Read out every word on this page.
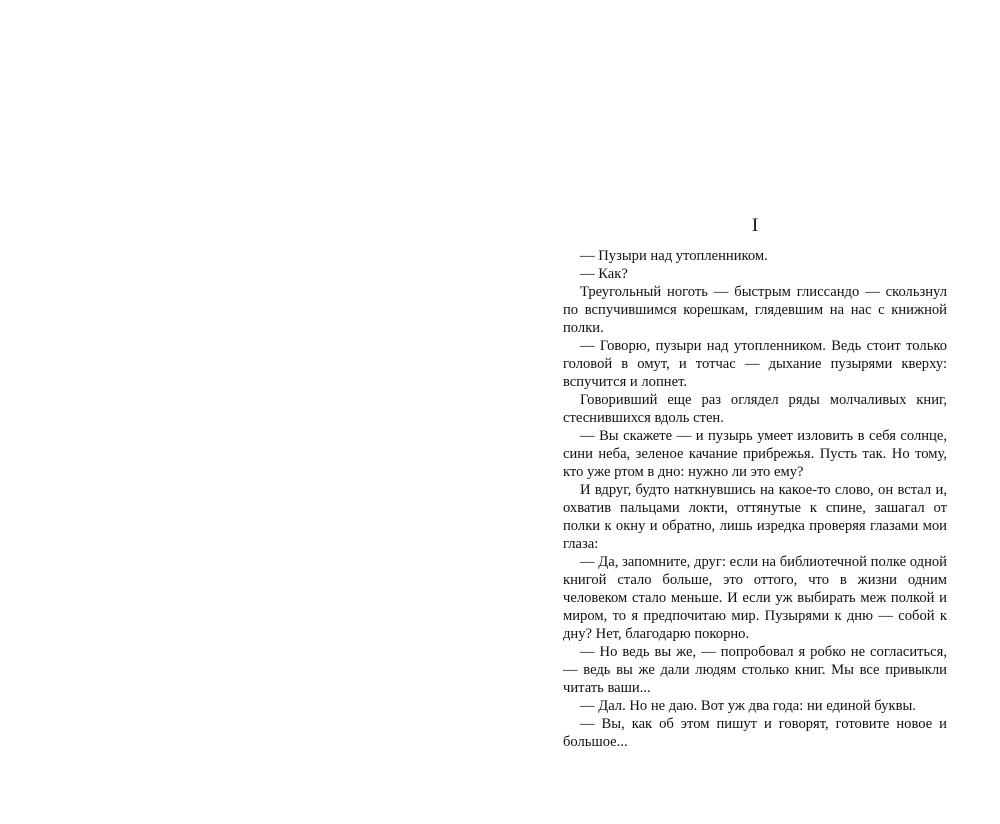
I

— Пузыри над утопленником.

— Как?

Треугольный ноготь — быстрым глиссандо — скользнул по вспучившимся корешкам, глядевшим на нас с книжной полки.

— Говорю, пузыри над утопленником. Ведь стоит только головой в омут, и тотчас — дыхание пузырями кверху: вспучится и лопнет.

Говоривший еще раз оглядел ряды молчаливых книг, стеснившихся вдоль стен.

— Вы скажете — и пузырь умеет изловить в себя солнце, сини неба, зеленое качание прибрежья. Пусть так. Но тому, кто уже ртом в дно: нужно ли это ему?

И вдруг, будто наткнувшись на какое-то слово, он встал и, охватив пальцами локти, оттянутые к спине, зашагал от полки к окну и обратно, лишь изредка проверяя глазами мои глаза:

— Да, запомните, друг: если на библиотечной полке одной книгой стало больше, это оттого, что в жизни одним человеком стало меньше. И если уж выбирать меж полкой и миром, то я предпочитаю мир. Пузырями к дню — собой к дну? Нет, благодарю покорно.

— Но ведь вы же, — попробовал я робко не согласиться, — ведь вы же дали людям столько книг. Мы все привыкли читать ваши...

— Дал. Но не даю. Вот уж два года: ни единой буквы.

— Вы, как об этом пишут и говорят, готовите новое и большое...
